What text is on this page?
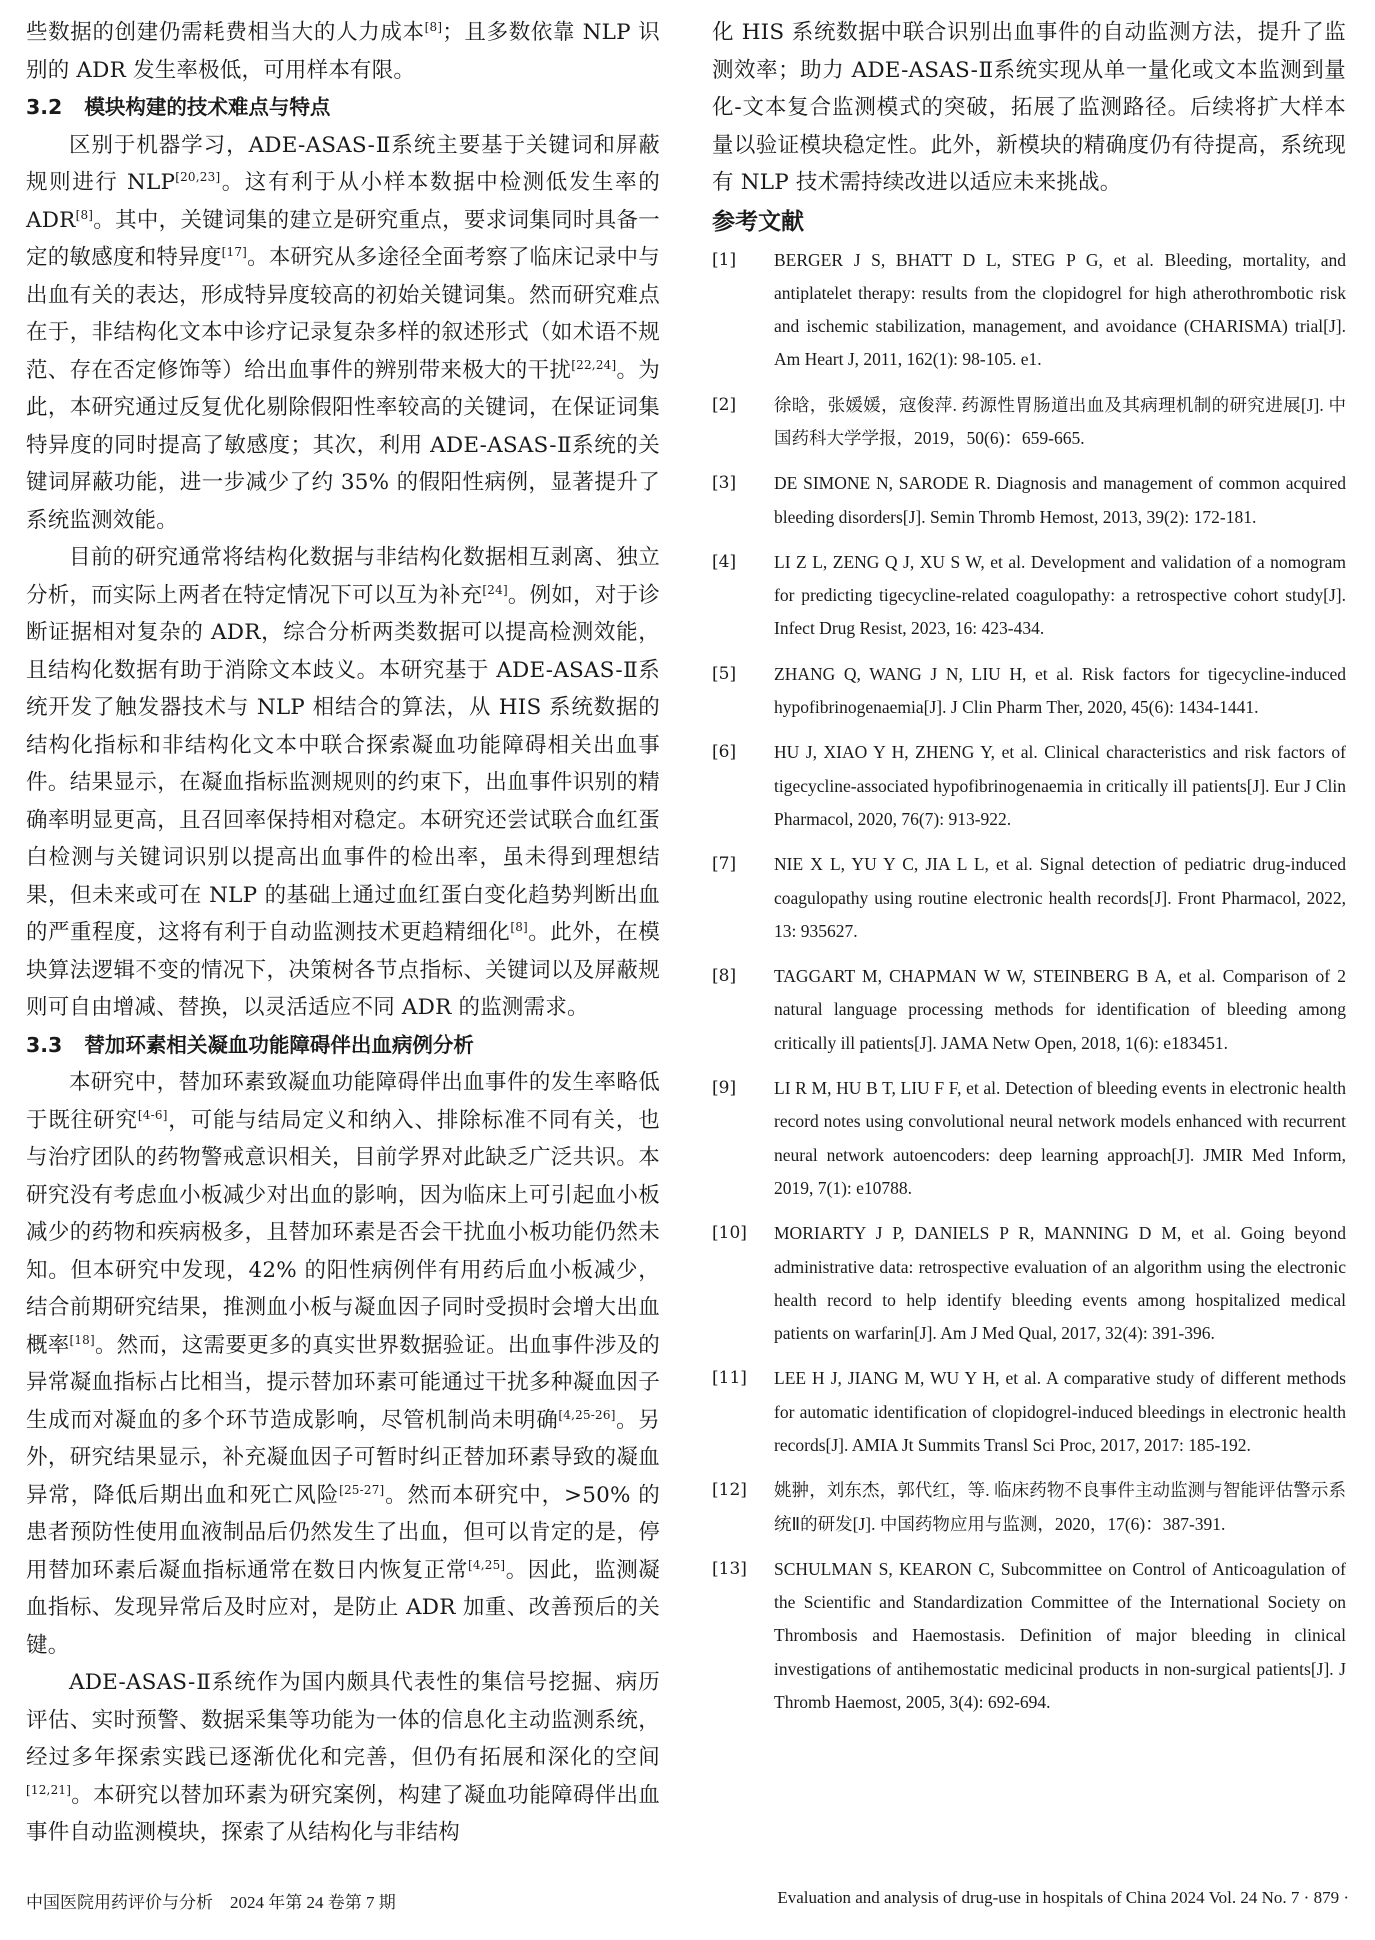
些数据的创建仍需耗费相当大的人力成本[8]；且多数依靠 NLP 识别的 ADR 发生率极低，可用样本有限。

3.2 模块构建的技术难点与特点

区别于机器学习，ADE-ASAS-Ⅱ系统主要基于关键词和屏蔽规则进行 NLP[20,23]。这有利于从小样本数据中检测低发生率的 ADR[8]。其中，关键词集的建立是研究重点，要求词集同时具备一定的敏感度和特异度[17]。本研究从多途径全面考察了临床记录中与出血有关的表达，形成特异度较高的初始关键词集。然而研究难点在于，非结构化文本中诊疗记录复杂多样的叙述形式（如术语不规范、存在否定修饰等）给出血事件的辨别带来极大的干扰[22,24]。为此，本研究通过反复优化剔除假阳性率较高的关键词，在保证词集特异度的同时提高了敏感度；其次，利用 ADE-ASAS-Ⅱ系统的关键词屏蔽功能，进一步减少了约 35% 的假阳性病例，显著提升了系统监测效能。

目前的研究通常将结构化数据与非结构化数据相互剥离、独立分析，而实际上两者在特定情况下可以互为补充[24]。例如，对于诊断证据相对复杂的 ADR，综合分析两类数据可以提高检测效能，且结构化数据有助于消除文本歧义。本研究基于 ADE-ASAS-Ⅱ系统开发了触发器技术与 NLP 相结合的算法，从 HIS 系统数据的结构化指标和非结构化文本中联合探索凝血功能障碍相关出血事件。结果显示，在凝血指标监测规则的约束下，出血事件识别的精确率明显更高，且召回率保持相对稳定。本研究还尝试联合血红蛋白检测与关键词识别以提高出血事件的检出率，虽未得到理想结果，但未来或可在 NLP 的基础上通过血红蛋白变化趋势判断出血的严重程度，这将有利于自动监测技术更趋精细化[8]。此外，在模块算法逻辑不变的情况下，决策树各节点指标、关键词以及屏蔽规则可自由增减、替换，以灵活适应不同 ADR 的监测需求。

3.3 替加环素相关凝血功能障碍伴出血病例分析

本研究中，替加环素致凝血功能障碍伴出血事件的发生率略低于既往研究[4-6]，可能与结局定义和纳入、排除标准不同有关，也与治疗团队的药物警戒意识相关，目前学界对此缺乏广泛共识。本研究没有考虑血小板减少对出血的影响，因为临床上可引起血小板减少的药物和疾病极多，且替加环素是否会干扰血小板功能仍然未知。但本研究中发现，42% 的阳性病例伴有用药后血小板减少，结合前期研究结果，推测血小板与凝血因子同时受损时会增大出血概率[18]。然而，这需要更多的真实世界数据验证。出血事件涉及的异常凝血指标占比相当，提示替加环素可能通过干扰多种凝血因子生成而对凝血的多个环节造成影响，尽管机制尚未明确[4,25-26]。另外，研究结果显示，补充凝血因子可暂时纠正替加环素导致的凝血异常，降低后期出血和死亡风险[25-27]。然而本研究中，>50% 的患者预防性使用血液制品后仍然发生了出血，但可以肯定的是，停用替加环素后凝血指标通常在数日内恢复正常[4,25]。因此，监测凝血指标、发现异常后及时应对，是防止 ADR 加重、改善预后的关键。

ADE-ASAS-Ⅱ系统作为国内颇具代表性的集信号挖掘、病历评估、实时预警、数据采集等功能为一体的信息化主动监测系统，经过多年探索实践已逐渐优化和完善，但仍有拓展和深化的空间[12,21]。本研究以替加环素为研究案例，构建了凝血功能障碍伴出血事件自动监测模块，探索了从结构化与非结构

化 HIS 系统数据中联合识别出血事件的自动监测方法，提升了监测效率；助力 ADE-ASAS-Ⅱ系统实现从单一量化或文本监测到量化-文本复合监测模式的突破，拓展了监测路径。后续将扩大样本量以验证模块稳定性。此外，新模块的精确度仍有待提高，系统现有 NLP 技术需持续改进以适应未来挑战。

参考文献
[1]	BERGER J S, BHATT D L, STEG P G, et al. Bleeding, mortality, and antiplatelet therapy: results from the clopidogrel for high atherothrombotic risk and ischemic stabilization, management, and avoidance (CHARISMA) trial[J]. Am Heart J, 2011, 162(1): 98-105. e1.
[2]	徐晗，张媛媛，寇俊萍. 药源性胃肠道出血及其病理机制的研究进展[J]. 中国药科大学学报，2019，50(6)：659-665.
[3]	DE SIMONE N, SARODE R. Diagnosis and management of common acquired bleeding disorders[J]. Semin Thromb Hemost, 2013, 39(2): 172-181.
[4]	LI Z L, ZENG Q J, XU S W, et al. Development and validation of a nomogram for predicting tigecycline-related coagulopathy: a retrospective cohort study[J]. Infect Drug Resist, 2023, 16: 423-434.
[5]	ZHANG Q, WANG J N, LIU H, et al. Risk factors for tigecycline-induced hypofibrinogenaemia[J]. J Clin Pharm Ther, 2020, 45(6): 1434-1441.
[6]	HU J, XIAO Y H, ZHENG Y, et al. Clinical characteristics and risk factors of tigecycline-associated hypofibrinogenaemia in critically ill patients[J]. Eur J Clin Pharmacol, 2020, 76(7): 913-922.
[7]	NIE X L, YU Y C, JIA L L, et al. Signal detection of pediatric drug-induced coagulopathy using routine electronic health records[J]. Front Pharmacol, 2022, 13: 935627.
[8]	TAGGART M, CHAPMAN W W, STEINBERG B A, et al. Comparison of 2 natural language processing methods for identification of bleeding among critically ill patients[J]. JAMA Netw Open, 2018, 1(6): e183451.
[9]	LI R M, HU B T, LIU F F, et al. Detection of bleeding events in electronic health record notes using convolutional neural network models enhanced with recurrent neural network autoencoders: deep learning approach[J]. JMIR Med Inform, 2019, 7(1): e10788.
[10]	MORIARTY J P, DANIELS P R, MANNING D M, et al. Going beyond administrative data: retrospective evaluation of an algorithm using the electronic health record to help identify bleeding events among hospitalized medical patients on warfarin[J]. Am J Med Qual, 2017, 32(4): 391-396.
[11]	LEE H J, JIANG M, WU Y H, et al. A comparative study of different methods for automatic identification of clopidogrel-induced bleedings in electronic health records[J]. AMIA Jt Summits Transl Sci Proc, 2017, 2017: 185-192.
[12]	姚翀，刘东杰，郭代红，等. 临床药物不良事件主动监测与智能评估警示系统Ⅱ的研发[J]. 中国药物应用与监测，2020，17(6)：387-391.
[13]	SCHULMAN S, KEARON C, Subcommittee on Control of Anticoagulation of the Scientific and Standardization Committee of the International Society on Thrombosis and Haemostasis. Definition of major bleeding in clinical investigations of antihemostatic medicinal products in non-surgical patients[J]. J Thromb Haemost, 2005, 3(4): 692-694.
中国医院用药评价与分析　2024 年第 24 卷第 7 期	Evaluation and analysis of drug-use in hospitals of China 2024 Vol. 24 No. 7 · 879 ·
